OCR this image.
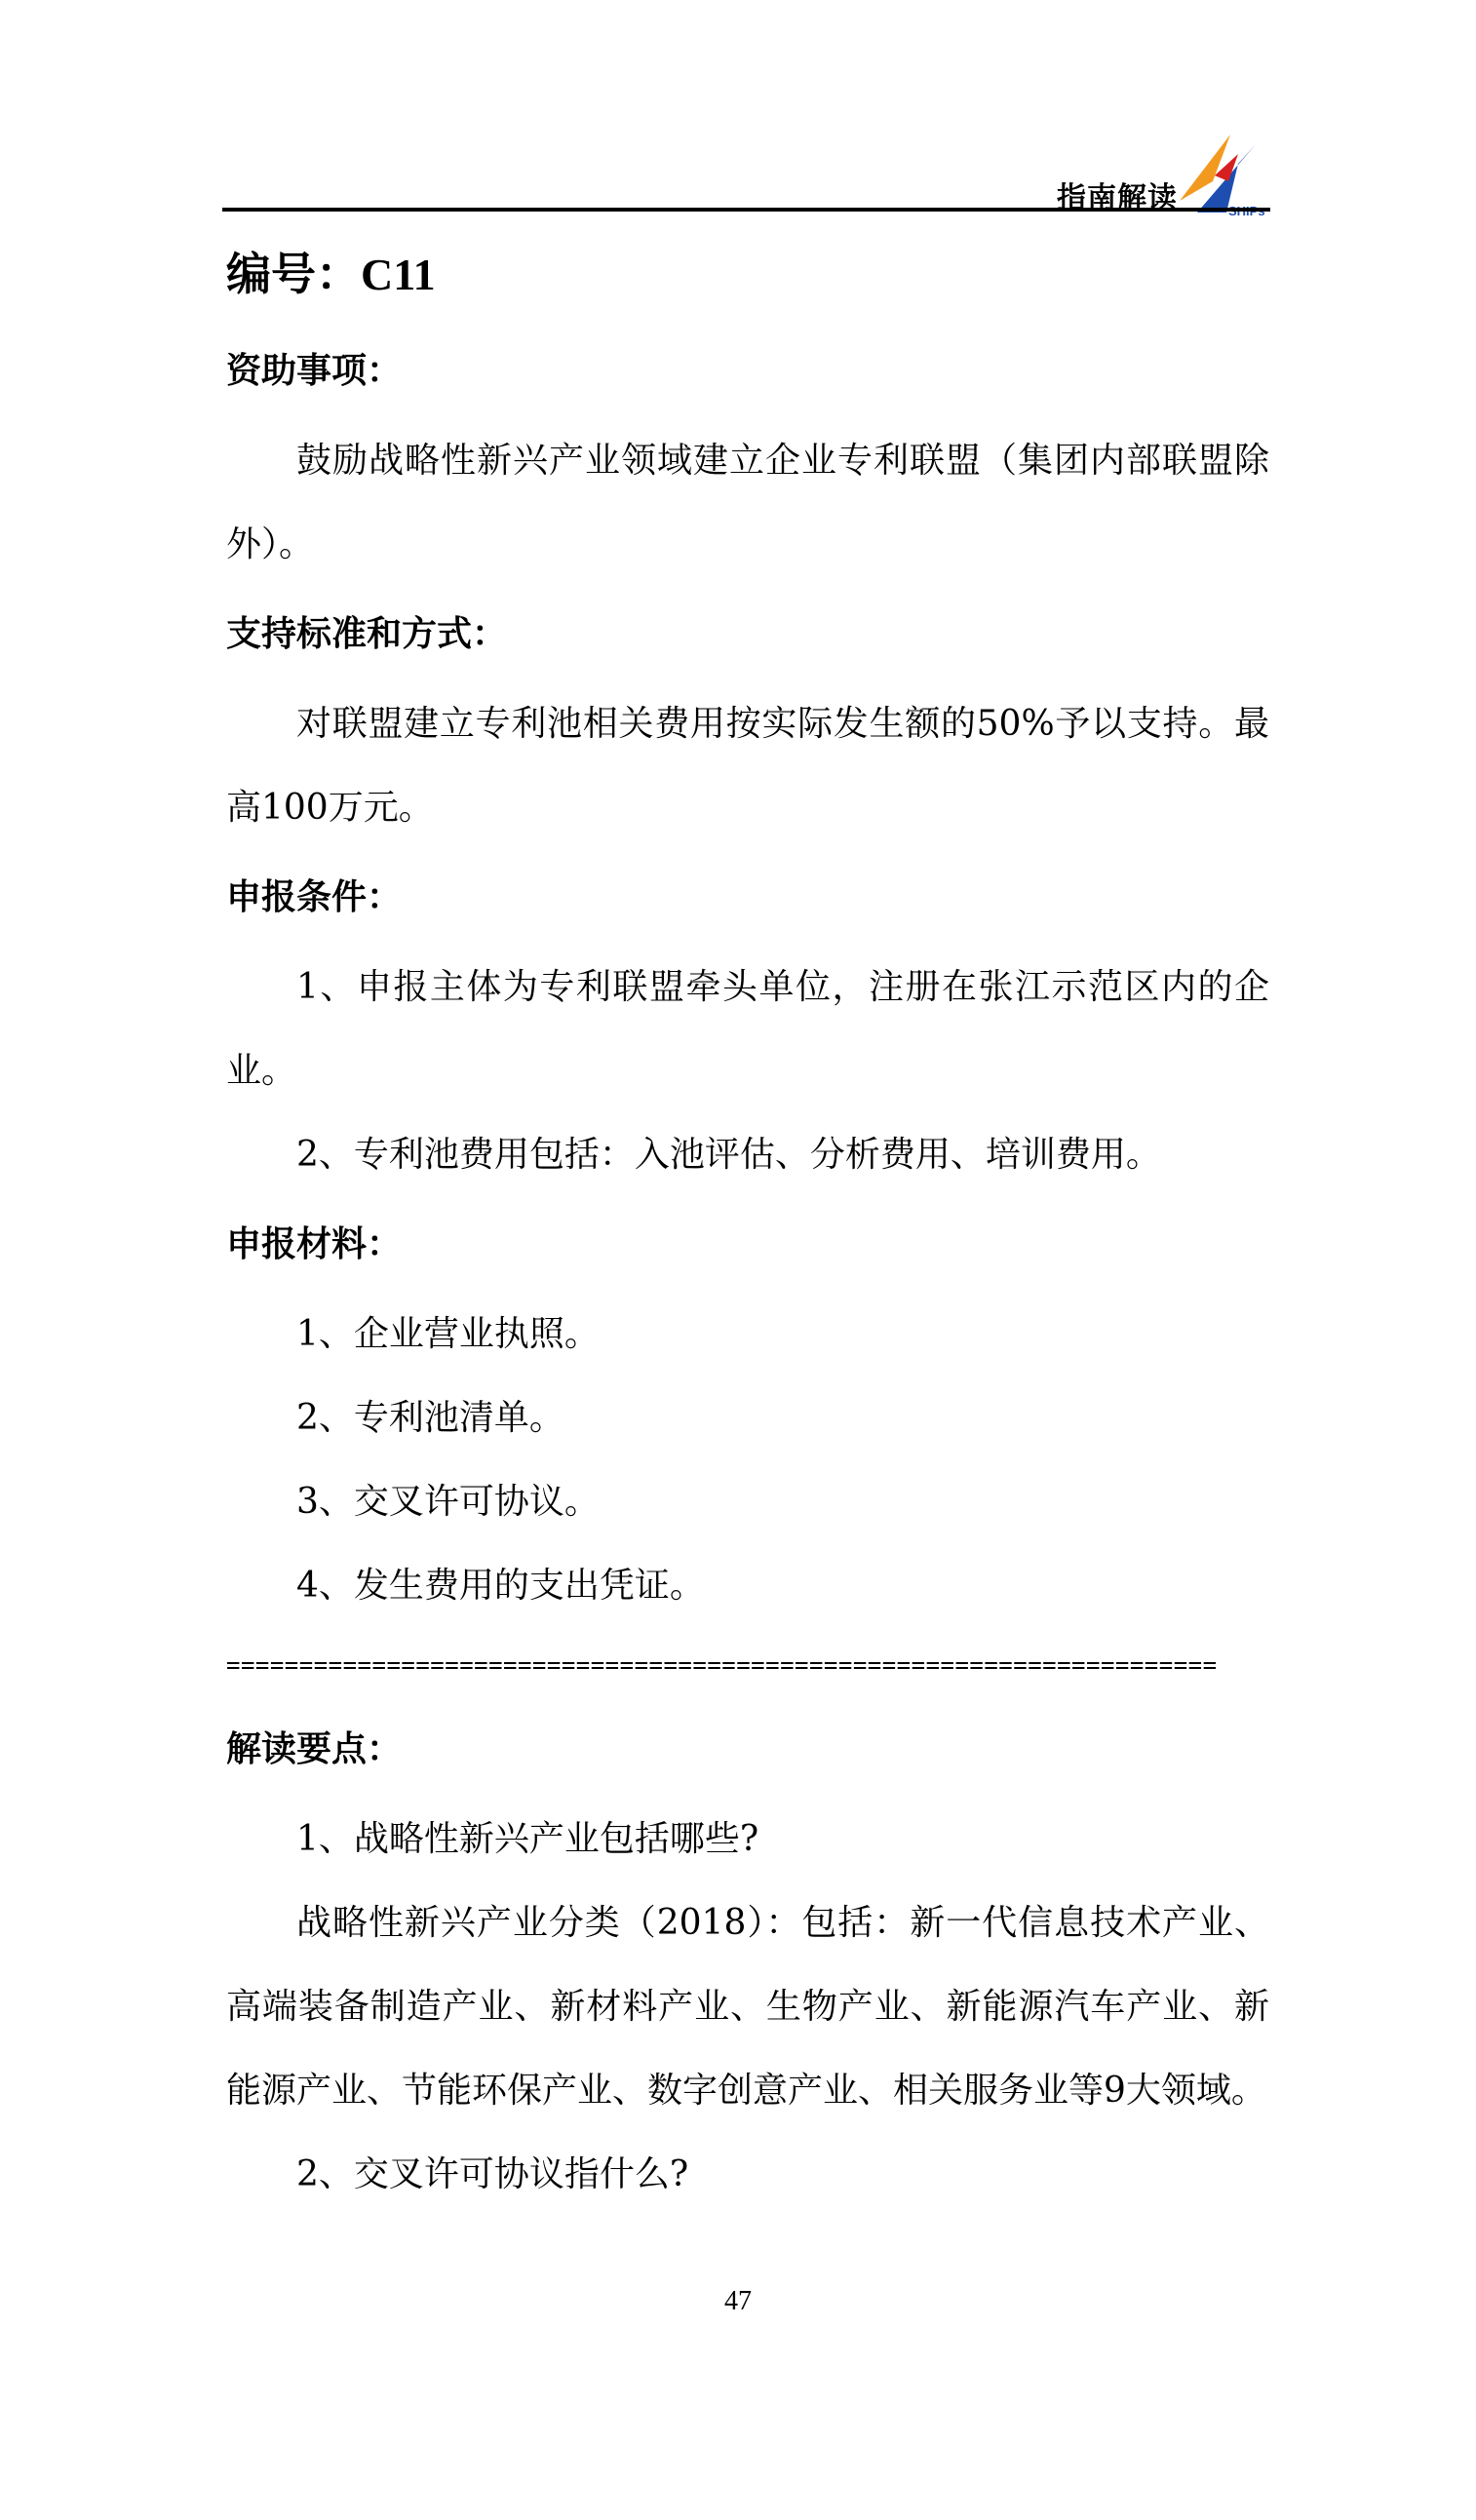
指南解读	SHIPs
编号：C11
资助事项：

鼓励战略性新兴产业领域建立企业专利联盟（集团内部联盟除外）。

支持标准和方式：

对联盟建立专利池相关费用按实际发生额的50%予以支持。最高100万元。

申报条件：

1、申报主体为专利联盟牵头单位，注册在张江示范区内的企业。

2、专利池费用包括：入池评估、分析费用、培训费用。

申报材料：

1、企业营业执照。

2、专利池清单。

3、交叉许可协议。

4、发生费用的支出凭证。

====================================================================
解读要点：

1、战略性新兴产业包括哪些?

战略性新兴产业分类（2018）：包括：新一代信息技术产业、高端装备制造产业、新材料产业、生物产业、新能源汽车产业、新能源产业、节能环保产业、数字创意产业、相关服务业等9大领域。

2、交叉许可协议指什么?

47
